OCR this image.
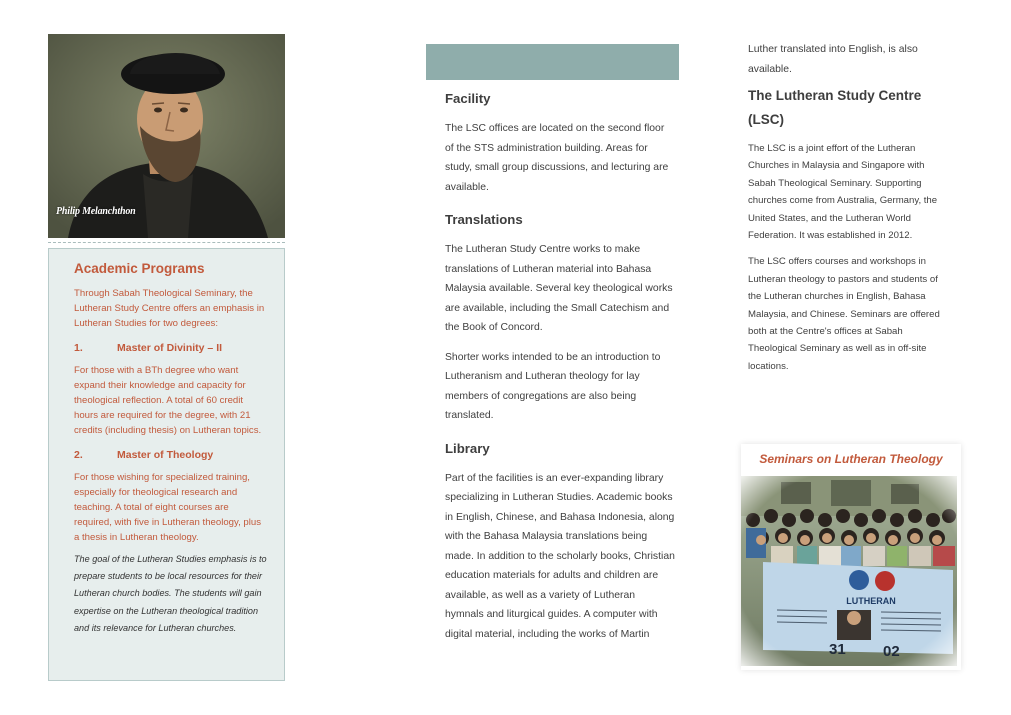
Philip Melanchthon
Academic Programs
Through Sabah Theological Seminary, the Lutheran Study Centre offers an emphasis in Lutheran Studies for two degrees:
1.	Master of Divinity – II
For those with a BTh degree who want expand their knowledge and capacity for theological reflection. A total of 60 credit hours are required for the degree, with 21 credits (including thesis) on Lutheran topics.
2.	Master of Theology
For those wishing for specialized training, especially for theological research and teaching. A total of eight courses are required, with five in Lutheran theology, plus a thesis in Lutheran theology.
The goal of the Lutheran Studies emphasis is to prepare students to be local resources for their Lutheran church bodies. The students will gain expertise on the Lutheran theological tradition and its relevance for Lutheran churches.
Facility
The LSC offices are located on the second floor of the STS administration building. Areas for study, small group discussions, and lecturing are available.
Translations
The Lutheran Study Centre works to make translations of Lutheran material into Bahasa Malaysia available. Several key theological works are available, including the Small Catechism and the Book of Concord.
Shorter works intended to be an introduction to Lutheranism and Lutheran theology for lay members of congregations are also being translated.
Library
Part of the facilities is an ever-expanding library specializing in Lutheran Studies. Academic books in English, Chinese, and Bahasa Indonesia, along with the Bahasa Malaysia translations being made. In addition to the scholarly books, Christian education materials for adults and children are available, as well as a variety of Lutheran hymnals and liturgical guides. A computer with digital material, including the works of Martin
Luther translated into English, is also available.
The Lutheran Study Centre (LSC)
The LSC is a joint effort of the Lutheran Churches in Malaysia and Singapore with Sabah Theological Seminary. Supporting churches come from Australia, Germany, the United States, and the Lutheran World Federation. It was established in 2012.
The LSC offers courses and workshops in Lutheran theology to pastors and students of the Lutheran churches in English, Bahasa Malaysia, and Chinese. Seminars are offered both at the Centre's offices at Sabah Theological Seminary as well as in off-site locations.
Seminars on Lutheran Theology
